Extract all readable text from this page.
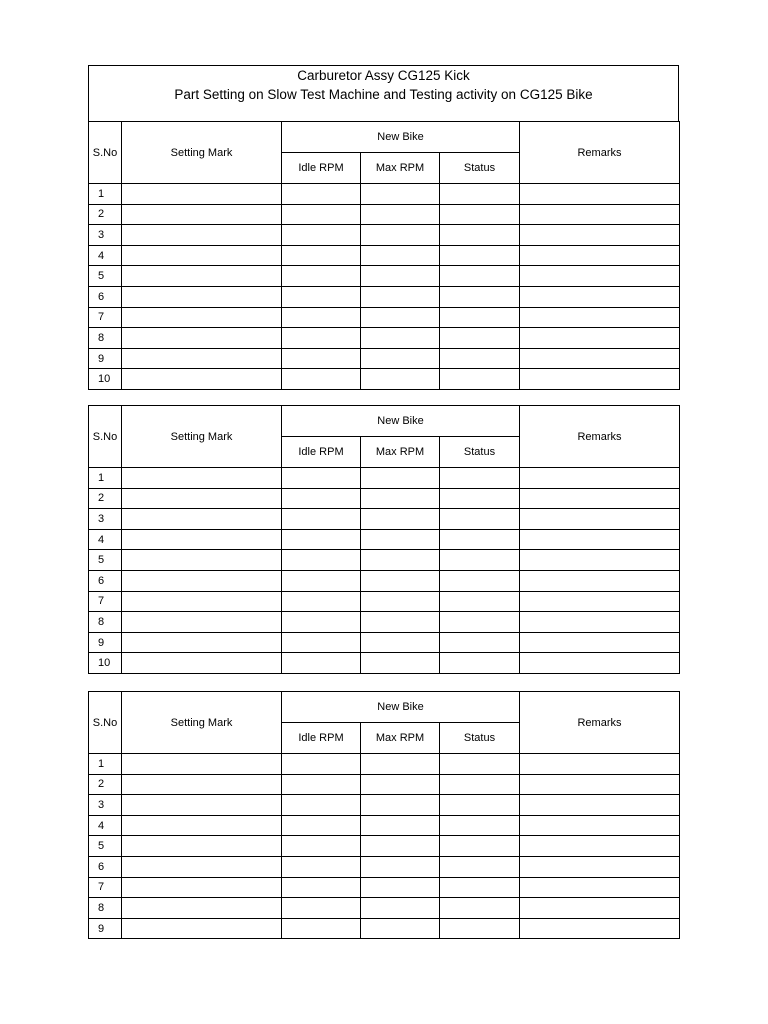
Carburetor Assy CG125 Kick
Part Setting on Slow Test Machine and Testing activity on CG125 Bike
S.No	Setting Mark	New Bike			Remarks
		Idle RPM	Max RPM	Status	
1					
2					
3					
4					
5					
6					
7					
8					
9					
10					
S.No	Setting Mark	New Bike			Remarks
		Idle RPM	Max RPM	Status	
1					
2					
3					
4					
5					
6					
7					
8					
9					
10					
S.No	Setting Mark	New Bike			Remarks
		Idle RPM	Max RPM	Status	
1					
2					
3					
4					
5					
6					
7					
8					
9					
